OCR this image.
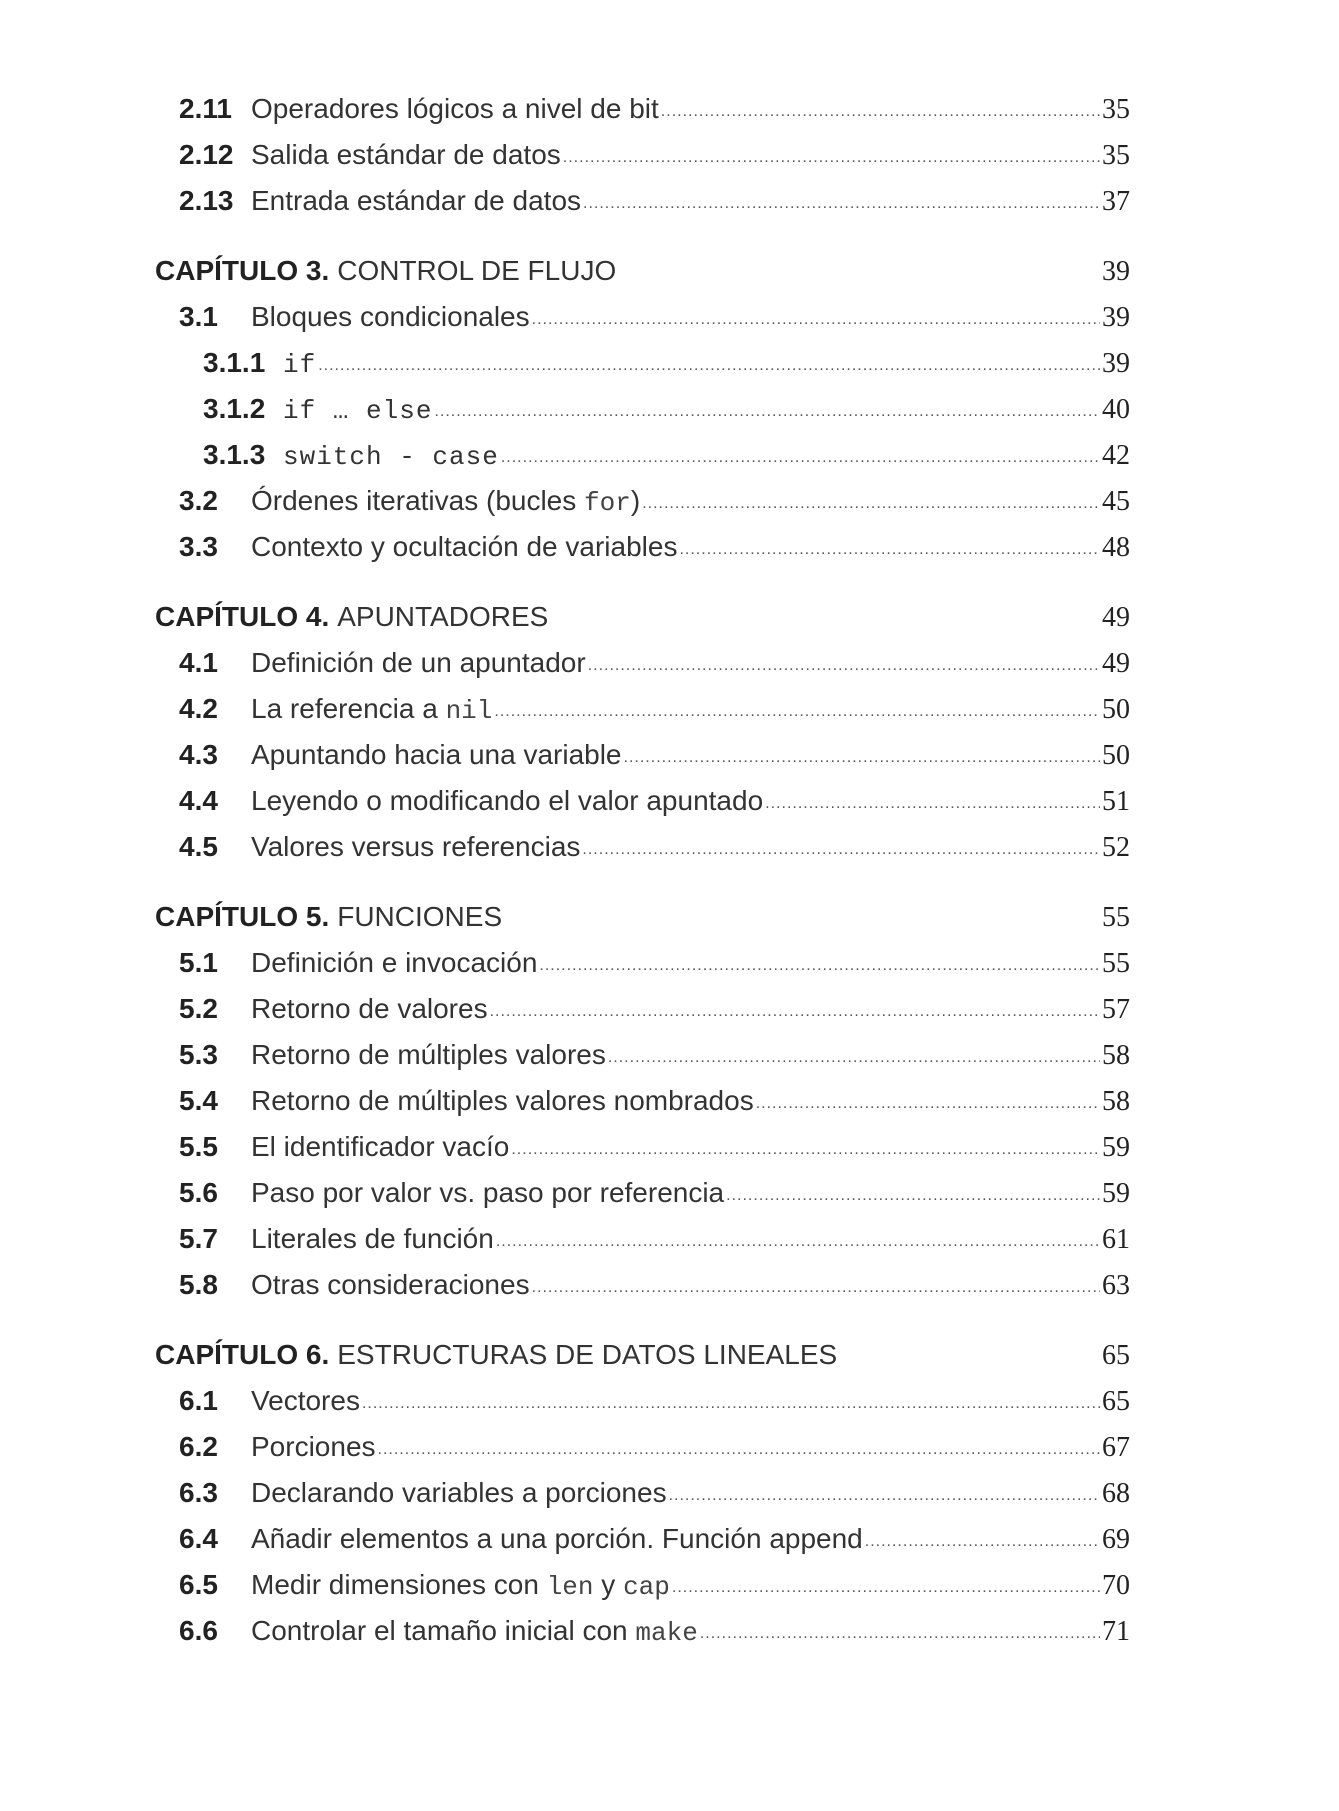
2.11 Operadores lógicos a nivel de bit .....	35
2.12 Salida estándar de datos .....	35
2.13 Entrada estándar de datos .....	37
CAPÍTULO 3. CONTROL DE FLUJO	39
3.1	Bloques condicionales .....	39
3.1.1 if .....	39
3.1.2 if … else .....	40
3.1.3 switch - case .....	42
3.2	Órdenes iterativas (bucles for) .....	45
3.3	Contexto y ocultación de variables .....	48
CAPÍTULO 4. APUNTADORES	49
4.1	Definición de un apuntador .....	49
4.2	La referencia a nil .....	50
4.3	Apuntando hacia una variable .....	50
4.4	Leyendo o modificando el valor apuntado .....	51
4.5	Valores versus referencias .....	52
CAPÍTULO 5. FUNCIONES	55
5.1	Definición e invocación .....	55
5.2	Retorno de valores .....	57
5.3	Retorno de múltiples valores .....	58
5.4	Retorno de múltiples valores nombrados .....	58
5.5	El identificador vacío .....	59
5.6	Paso por valor vs. paso por referencia .....	59
5.7	Literales de función .....	61
5.8	Otras consideraciones .....	63
CAPÍTULO 6. ESTRUCTURAS DE DATOS LINEALES	65
6.1	Vectores .....	65
6.2	Porciones .....	67
6.3	Declarando variables a porciones .....	68
6.4	Añadir elementos a una porción. Función append .....	69
6.5	Medir dimensiones con len y cap .....	70
6.6	Controlar el tamaño inicial con make .....	71
